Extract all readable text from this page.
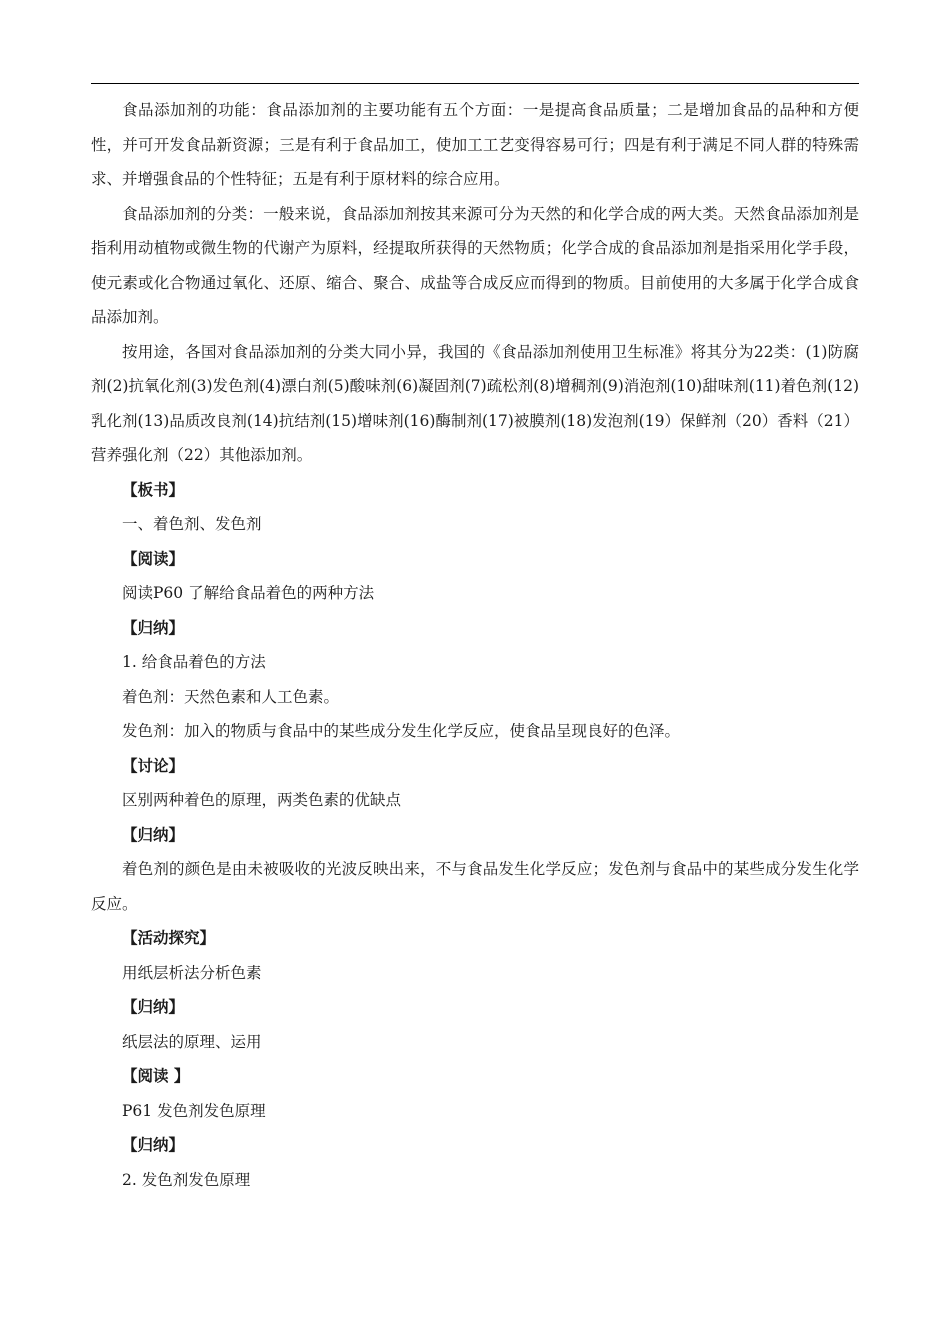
食品添加剂的功能：食品添加剂的主要功能有五个方面：一是提高食品质量；二是增加食品的品种和方便性，并可开发食品新资源；三是有利于食品加工，使加工工艺变得容易可行；四是有利于满足不同人群的特殊需求、并增强食品的个性特征；五是有利于原材料的综合应用。

食品添加剂的分类：一般来说，食品添加剂按其来源可分为天然的和化学合成的两大类。天然食品添加剂是指利用动植物或微生物的代谢产为原料，经提取所获得的天然物质；化学合成的食品添加剂是指采用化学手段，使元素或化合物通过氧化、还原、缩合、聚合、成盐等合成反应而得到的物质。目前使用的大多属于化学合成食品添加剂。

按用途，各国对食品添加剂的分类大同小异，我国的《食品添加剂使用卫生标准》将其分为22类：(1)防腐剂(2)抗氧化剂(3)发色剂(4)漂白剂(5)酸味剂(6)凝固剂(7)疏松剂(8)增稠剂(9)消泡剂(10)甜味剂(11)着色剂(12)乳化剂(13)品质改良剂(14)抗结剂(15)增味剂(16)酶制剂(17)被膜剂(18)发泡剂(19）保鲜剂（20）香料（21）营养强化剂（22）其他添加剂。

【板书】

一、着色剂、发色剂

【阅读】

阅读P60 了解给食品着色的两种方法

【归纳】

1. 给食品着色的方法

着色剂：天然色素和人工色素。

发色剂：加入的物质与食品中的某些成分发生化学反应，使食品呈现良好的色泽。

【讨论】

区别两种着色的原理，两类色素的优缺点

【归纳】

着色剂的颜色是由未被吸收的光波反映出来，不与食品发生化学反应；发色剂与食品中的某些成分发生化学反应。

【活动探究】

用纸层析法分析色素

【归纳】

纸层法的原理、运用

【阅读 】

P61 发色剂发色原理

【归纳】

2. 发色剂发色原理
